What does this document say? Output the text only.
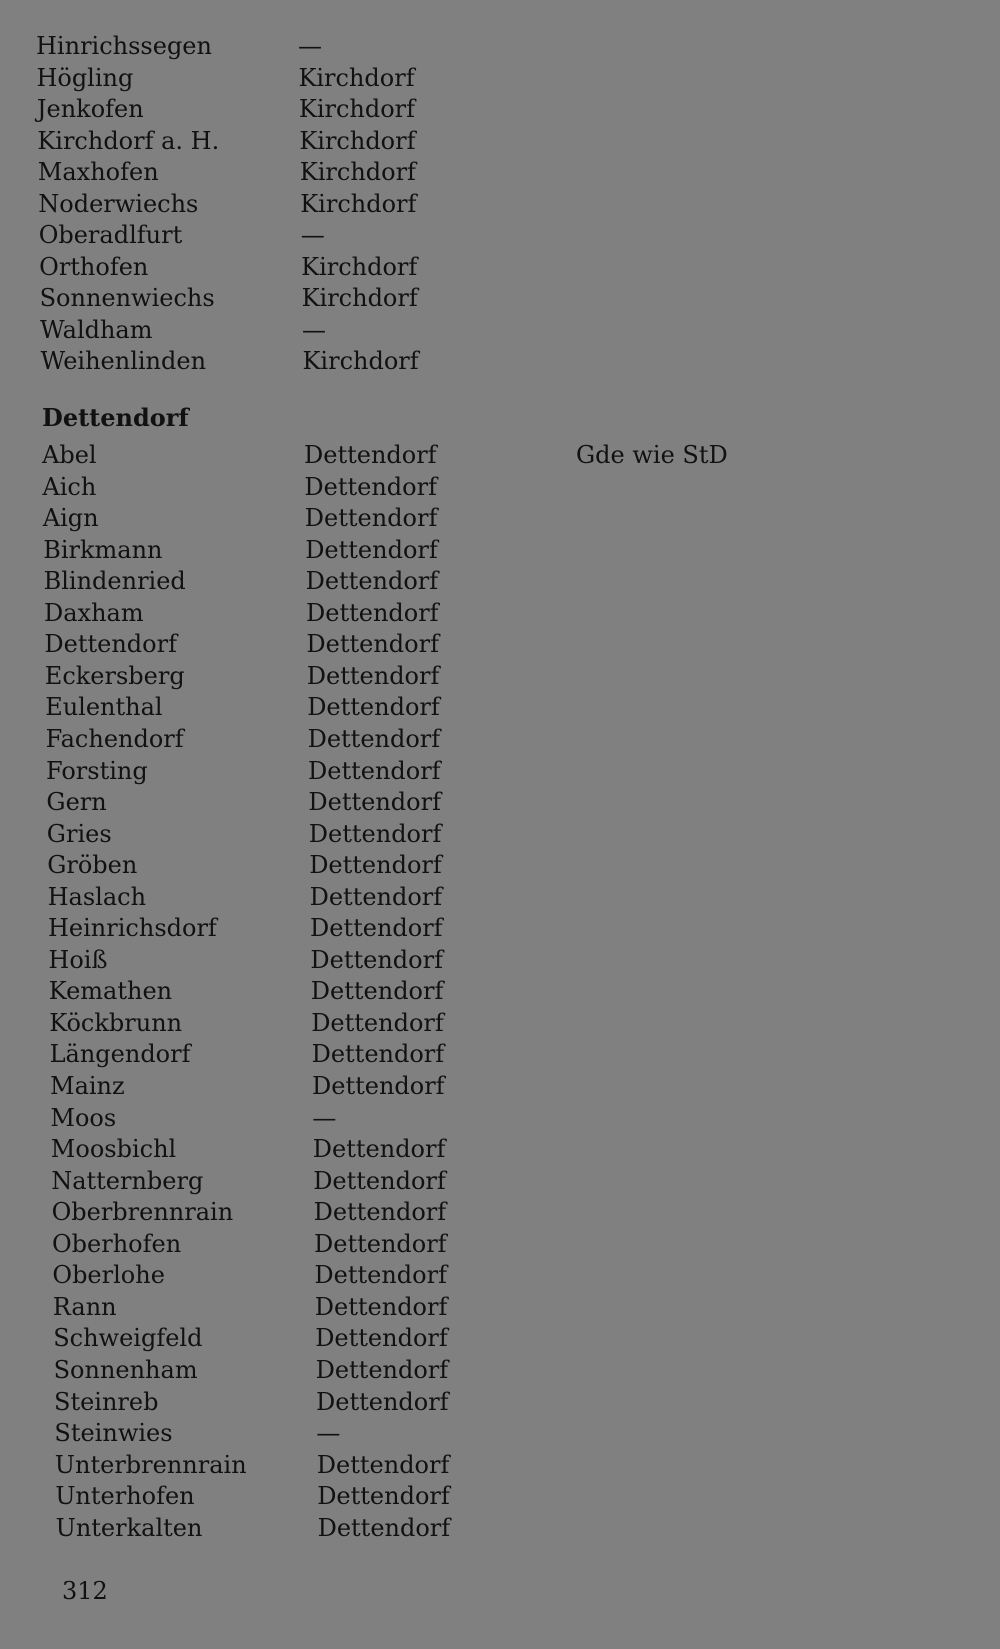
Hinrichssegen	—
Högling	Kirchdorf
Jenkofen	Kirchdorf
Kirchdorf a. H.	Kirchdorf
Maxhofen	Kirchdorf
Noderwiechs	Kirchdorf
Oberadlfurt	—
Orthofen	Kirchdorf
Sonnenwiechs	Kirchdorf
Waldham	—
Weihenlinden	Kirchdorf
Dettendorf
Abel	Dettendorf	Gde wie StD
Aich	Dettendorf
Aign	Dettendorf
Birkmann	Dettendorf
Blindenried	Dettendorf
Daxham	Dettendorf
Dettendorf	Dettendorf
Eckersberg	Dettendorf
Eulenthal	Dettendorf
Fachendorf	Dettendorf
Forsting	Dettendorf
Gern	Dettendorf
Gries	Dettendorf
Gröben	Dettendorf
Haslach	Dettendorf
Heinrichsdorf	Dettendorf
Hoiß	Dettendorf
Kemathen	Dettendorf
Köckbrunn	Dettendorf
Längendorf	Dettendorf
Mainz	Dettendorf
Moos	—
Moosbichl	Dettendorf
Natternberg	Dettendorf
Oberbrennrain	Dettendorf
Oberhofen	Dettendorf
Oberlohe	Dettendorf
Rann	Dettendorf
Schweigfeld	Dettendorf
Sonnenham	Dettendorf
Steinreb	Dettendorf
Steinwies	—
Unterbrennrain	Dettendorf
Unterhofen	Dettendorf
Unterkalten	Dettendorf
312
